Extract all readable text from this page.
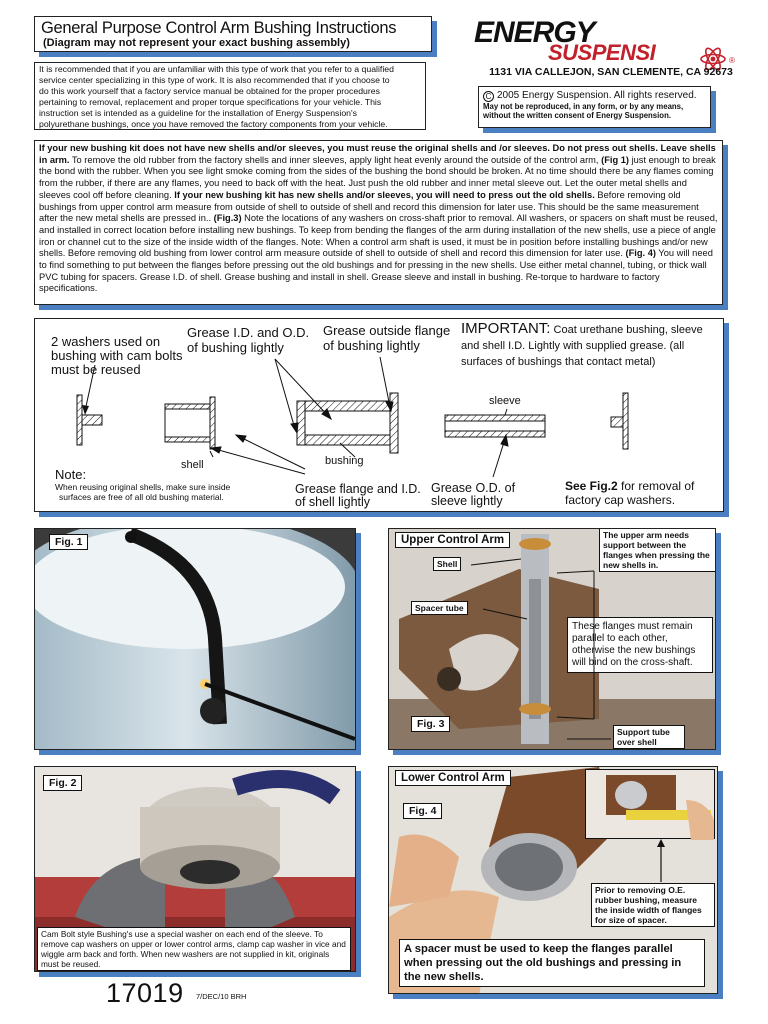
General Purpose Control Arm Bushing Instructions
(Diagram may not represent your exact bushing assembly)	ENERGY
SUSPENSI	®
1131 VIA CALLEJON, SAN CLEMENTE, CA 92673
C 2005 Energy Suspension. All rights reserved.
May not be reproduced, in any form, or by any means,
without the written consent of Energy Suspension.
It is recommended that if you are unfamiliar with this type of work that you refer to a qualified
service center specializing in this type of work. It is also recommended that if you choose to
do this work yourself that a factory service manual be obtained for the proper procedures
pertaining to removal, replacement and proper torque specifications for your vehicle. This
instruction set is intended as a guideline for the installation of Energy Suspension's
polyurethane bushings, once you have removed the factory components from your vehicle.

If your new bushing kit does not have new shells and/or sleeves, you must reuse the original shells and /or sleeves. Do not press out shells. Leave shells in arm. To remove the old rubber from the factory shells and inner sleeves, apply light heat evenly around the outside of the control arm, (Fig 1) just enough to break the bond with the rubber. When you see light smoke coming from the sides of the bushing the bond should be broken. At no time should there be any flames coming from the rubber, if there are any flames, you need to back off with the heat. Just push the old rubber and inner metal sleeve out. Let the outer metal shells and sleeves cool off before cleaning. If your new bushing kit has new shells and/or sleeves, you will need to press out the old shells. Before removing old bushings from upper control arm measure from outside of shell to outside of shell and record this dimension for later use. This should be the same measurement after the new metal shells are pressed in.. (Fig.3) Note the locations of any washers on cross-shaft prior to removal. All washers, or spacers on shaft must be reused, and installed in correct location before installing new bushings. To keep from bending the flanges of the arm during installation of the new shells, use a piece of angle iron or channel cut to the size of the inside width of the flanges. Note: When a control arm shaft is used, it must be in position before installing bushings and/or new shells. Before removing old bushing from lower control arm measure outside of shell to outside of shell and record this dimension for later use. (Fig. 4) You will need to find something to put between the flanges before pressing out the old bushings and for pressing in the new shells. Use either metal channel, tubing, or thick wall PVC tubing for spacers. Grease I.D. of shell. Grease bushing and install in shell. Grease sleeve and install in bushing. Re-torque to hardware to factory specifications.

2 washers used on
bushing with cam bolts
must be reused
Grease I.D. and O.D.
of bushing lightly
Grease outside flange
of bushing lightly
IMPORTANT: Coat urethane bushing, sleeve
and shell I.D. Lightly with supplied grease. (all
surfaces of bushings that contact metal)
sleeve
shell	bushing
Note:
When reusing original shells, make sure inside
surfaces are free of all old bushing material.
Grease flange and I.D.
of shell lightly
Grease O.D. of
sleeve lightly
See Fig.2 for removal of
factory cap washers.
Fig. 1
Fig. 2
Cam Bolt style Bushing's use a special washer on each end of the sleeve. To remove cap washers on upper or lower control arms, clamp cap washer in vice and wiggle arm back and forth. When new washers are not supplied in kit, originals must be reused.
Upper Control Arm
Shell
Spacer tube
The upper arm needs support between the flanges when pressing the new shells in.
These flanges must remain parallel to each other, otherwise the new bushings will bind on the cross-shaft.
Fig. 3
Support tube over shell
Lower Control Arm
Fig. 4
Prior to removing O.E. rubber bushing, measure the inside width of flanges for size of spacer.
A spacer must be used to keep the flanges parallel when pressing out the old bushings and pressing in the new shells.
17019 7/DEC/10 BRH
